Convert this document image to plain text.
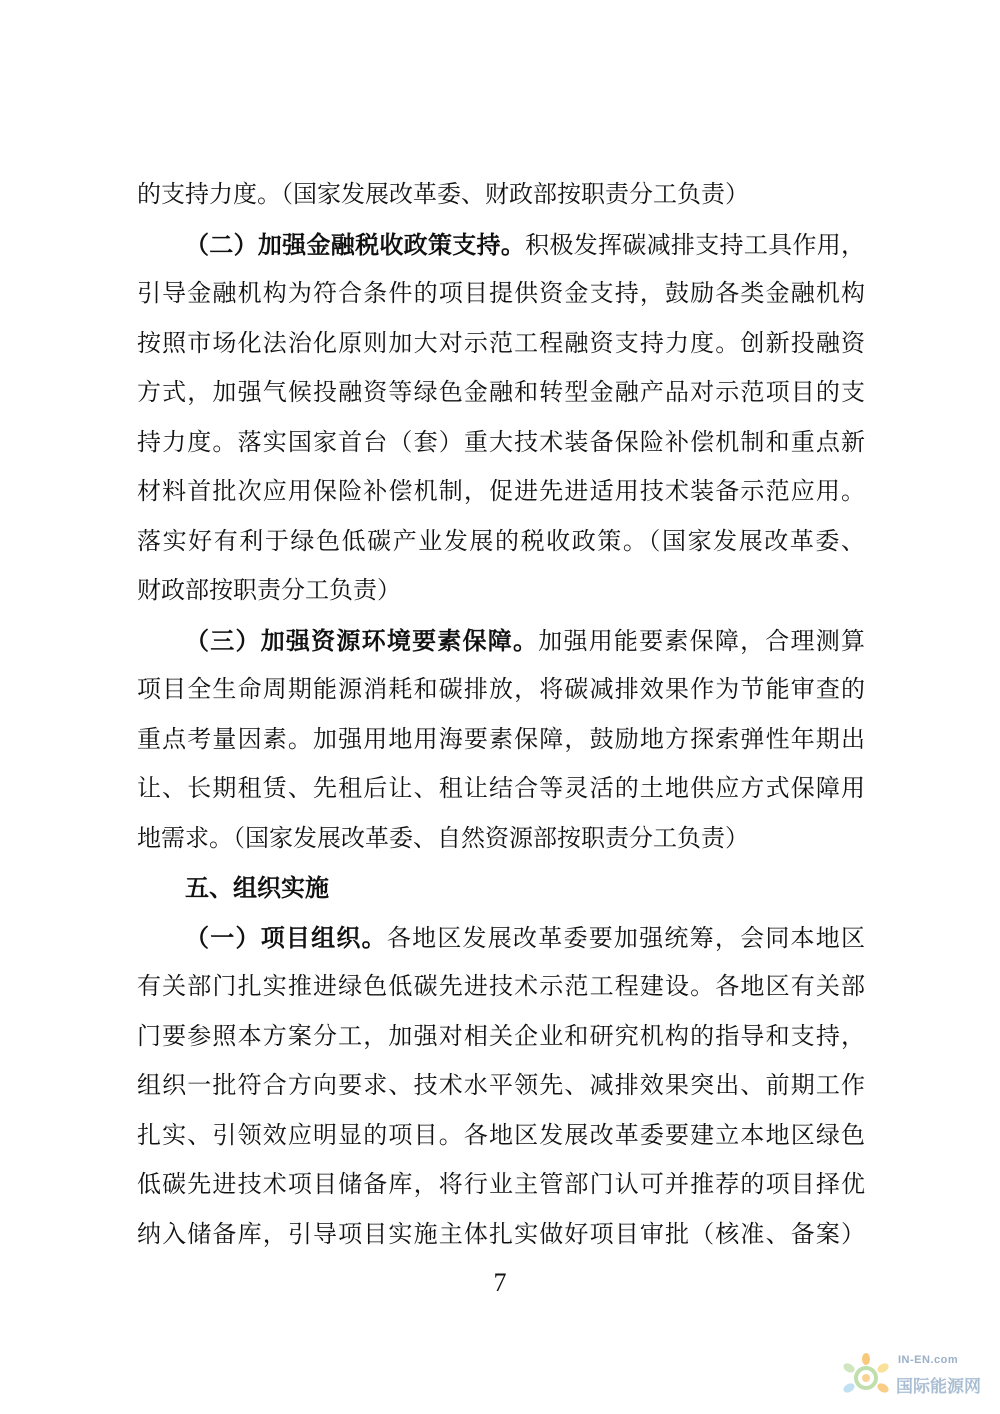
的支持力度。（国家发展改革委、财政部按职责分工负责）
（二）加强金融税收政策支持。积极发挥碳减排支持工具作用，
引导金融机构为符合条件的项目提供资金支持，鼓励各类金融机构
按照市场化法治化原则加大对示范工程融资支持力度。创新投融资
方式，加强气候投融资等绿色金融和转型金融产品对示范项目的支
持力度。落实国家首台（套）重大技术装备保险补偿机制和重点新
材料首批次应用保险补偿机制，促进先进适用技术装备示范应用。
落实好有利于绿色低碳产业发展的税收政策。（国家发展改革委、
财政部按职责分工负责）
（三）加强资源环境要素保障。加强用能要素保障，合理测算
项目全生命周期能源消耗和碳排放，将碳减排效果作为节能审查的
重点考量因素。加强用地用海要素保障，鼓励地方探索弹性年期出
让、长期租赁、先租后让、租让结合等灵活的土地供应方式保障用
地需求。（国家发展改革委、自然资源部按职责分工负责）
五、组织实施
（一）项目组织。各地区发展改革委要加强统筹，会同本地区
有关部门扎实推进绿色低碳先进技术示范工程建设。各地区有关部
门要参照本方案分工，加强对相关企业和研究机构的指导和支持，
组织一批符合方向要求、技术水平领先、减排效果突出、前期工作
扎实、引领效应明显的项目。各地区发展改革委要建立本地区绿色
低碳先进技术项目储备库，将行业主管部门认可并推荐的项目择优
纳入储备库，引导项目实施主体扎实做好项目审批（核准、备案）
7
IN-EN.com
国际能源网
